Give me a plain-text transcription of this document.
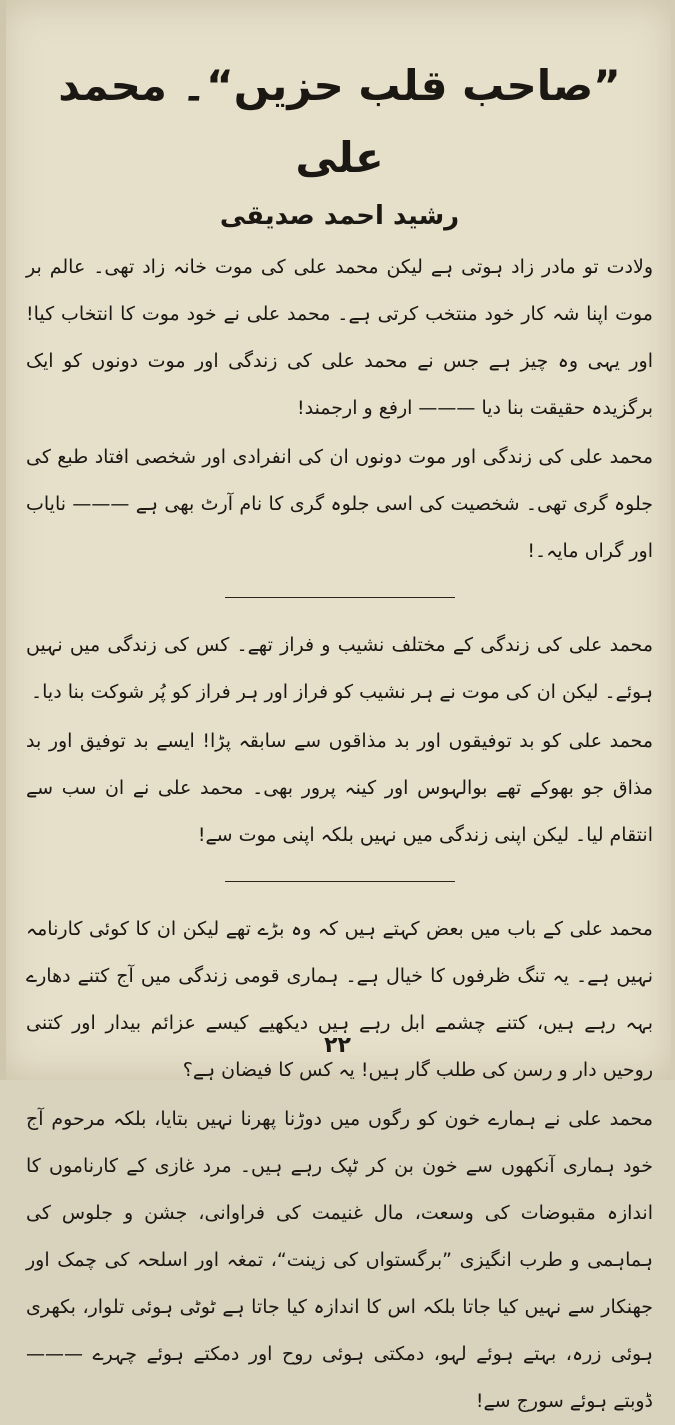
”صاحب قلب حزیں“۔ محمد علی
رشید احمد صدیقی

ولادت تو مادر زاد ہوتی ہے لیکن محمد علی کی موت خانہ زاد تھی۔ عالم بر موت اپنا شہ کار خود منتخب کرتی ہے۔ محمد علی نے خود موت کا انتخاب کیا! اور یہی وہ چیز ہے جس نے محمد علی کی زندگی اور موت دونوں کو ایک برگزیدہ حقیقت بنا دیا ——— ارفع و ارجمند!

محمد علی کی زندگی اور موت دونوں ان کی انفرادی اور شخصی افتاد طبع کی جلوہ گری تھی۔ شخصیت کی اسی جلوہ گری کا نام آرٹ بھی ہے ——— نایاب اور گراں مایہ۔!

محمد علی کی زندگی کے مختلف نشیب و فراز تھے۔ کس کی زندگی میں نہیں ہوئے۔ لیکن ان کی موت نے ہر نشیب کو فراز اور ہر فراز کو پُر شوکت بنا دیا۔

محمد علی کو بد توفیقوں اور بد مذاقوں سے سابقہ پڑا! ایسے بد توفیق اور بد مذاق جو بھوکے تھے بوالہوس اور کینہ پرور بھی۔ محمد علی نے ان سب سے انتقام لیا۔ لیکن اپنی زندگی میں نہیں بلکہ اپنی موت سے!

محمد علی کے باب میں بعض کہتے ہیں کہ وہ بڑے تھے لیکن ان کا کوئی کارنامہ نہیں ہے۔ یہ تنگ ظرفوں کا خیال ہے۔ ہماری قومی زندگی میں آج کتنے دھارے بہہ رہے ہیں، کتنے چشمے ابل رہے ہیں دیکھیے کیسے عزائم بیدار اور کتنی روحیں دار و رسن کی طلب گار ہیں! یہ کس کا فیضان ہے؟

محمد علی نے ہمارے خون کو رگوں میں دوڑنا پھرنا نہیں بتایا، بلکہ مرحوم آج خود ہماری آنکھوں سے خون بن کر ٹپک رہے ہیں۔ مرد غازی کے کارناموں کا اندازہ مقبوضات کی وسعت، مال غنیمت کی فراوانی، جشن و جلوس کی ہماہمی و طرب انگیزی ”برگستواں کی زینت“، تمغہ اور اسلحہ کی چمک اور جھنکار سے نہیں کیا جاتا بلکہ اس کا اندازہ کیا جاتا ہے ٹوٹی ہوئی تلوار، بکھری ہوئی زرہ، بہتے ہوئے لہو، دمکتی ہوئی روح اور دمکتے ہوئے چہرے ——— ڈوبتے ہوئے سورج سے!

۲۲
